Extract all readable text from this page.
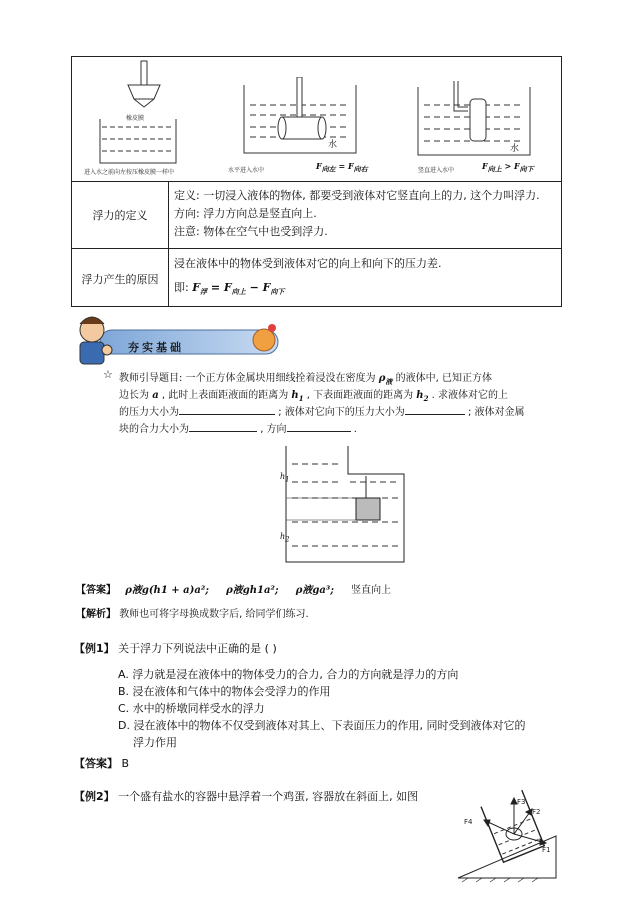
橡皮膜
进入水之前向左按压橡皮膜一样中
水
水平进入水中	$F_{向左} = F_{向右}$
水
竖直进入水中	$F_{向上} > F_{向下}$
浮力的定义
定义: 一切浸入液体的物体, 都要受到液体对它竖直向上的力, 这个力叫浮力.
方向: 浮力方向总是竖直向上.
注意: 物体在空气中也受到浮力.
浮力产生的原因
浸在液体中的物体受到液体对它的向上和向下的压力差.
即: $F_浮 = F_{向上} - F_{向下}$
夯实基础
☆ 教师引导题目: 一个正方体金属块用细线拴着浸没在密度为 $\rho_液$ 的液体中, 已知正方体
边长为 a , 此时上表面距液面的距离为 $h_1$ , 下表面距液面的距离为 $h_2$ . 求液体对它的上
的压力大小为	; 液体对它向下的压力大小为	; 液体对金属
块的合力大小为	, 方向	.
$h_1$
$h_2$
【答案】 ρ液g(h1 + a)a²; ρ液gh1a²; ρ液ga³; 竖直向上
【解析】 教师也可将字母换成数字后, 给同学们练习.
【例1】 关于浮力下列说法中正确的是 ( )
A. 浮力就是浸在液体中的物体受力的合力, 合力的方向就是浮力的方向
B. 浸在液体和气体中的物体会受浮力的作用
C. 水中的桥墩同样受水的浮力
D. 浸在液体中的物体不仅受到液体对其上、下表面压力的作用, 同时受到液体对它的
浮力作用
【答案】 B
【例2】 一个盛有盐水的容器中悬浮着一个鸡蛋, 容器放在斜面上, 如图	F3
F2
F1
F4
